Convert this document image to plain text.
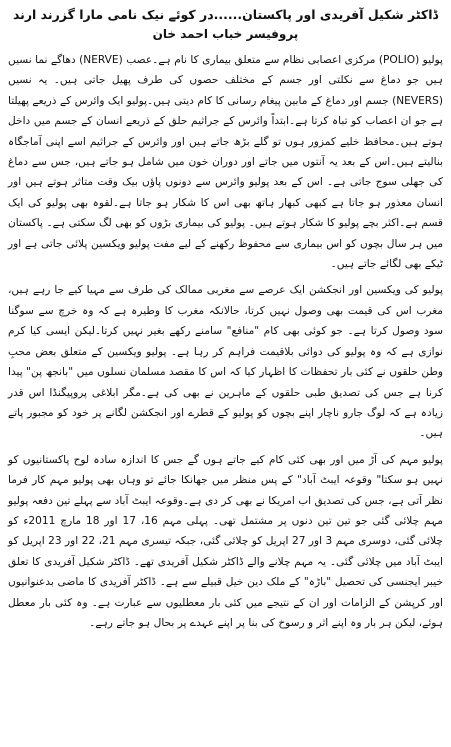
ڈاکٹر شکیل آفریدی اور پاکستان......در کوئے نیک نامی مارا گزرند ارند
پروفیسر خباب احمد خان

پولیو (POLIO) مرکزی اعصابی نظام سے متعلق بیماری کا نام ہے۔عصب (NERVE) دھاگے نما نسیں ہیں جو دماغ سے نکلتی اور جسم کے مختلف حصوں کی طرف پھیل جاتی ہیں۔ یہ نسیں (NEVERS) جسم اور دماغ کے مابین پیغام رسانی کا کام دیتی ہیں۔پولیو ایک وائرس کے ذریعے پھیلتا ہے جو ان اعصاب کو تباہ کرتا ہے۔ابتداً وائرس کے جراثیم حلق کے ذریعے انسان کے جسم میں داخل ہوتے ہیں۔محافظ خلیے کمزور ہوں تو گلے بڑھ جاتے ہیں اور وائرس کے جراثیم اسے اپنی آماجگاہ بنالیتے ہیں۔اس کے بعد یہ آنتوں میں جاتے اور دوران خون میں شامل ہو جاتے ہیں، جس سے دماغ کی جھلی سوج جاتی ہے۔ اس کے بعد پولیو وائرس سے دونوں پاؤں بیک وقت متاثر ہوتے ہیں اور انسان معذور ہو جاتا ہے کبھی کبھار ہاتھ بھی اس کا شکار ہو جاتا ہے۔لقوہ بھی پولیو کی ایک قسم ہے۔اکثر بچے پولیو کا شکار ہوتے ہیں۔ پولیو کی بیماری بڑوں کو بھی لگ سکتی ہے۔ پاکستان میں ہر سال بچوں کو اس بیماری سے محفوظ رکھنے کے لیے مفت پولیو ویکسین پلائی جاتی ہے اور ٹیکے بھی لگائے جاتے ہیں۔

پولیو کی ویکسین اور انجکشن ایک عرصے سے مغربی ممالک کی طرف سے مہیا کیے جا رہے ہیں، مغرب اس کی قیمت بھی وصول نہیں کرتا، حالانکہ مغرب کا وطیرہ ہے کہ وہ خرچ سے سوگنا سود وصول کرتا ہے۔ جو کوئی بھی کام "منافع" سامنے رکھے بغیر نہیں کرتا۔لیکن ایسی کیا کرم نوازی ہے کہ وہ پولیو کی دوائی بلاقیمت فراہم کر رہا ہے۔ پولیو ویکسین کے متعلق بعض محبِ وطن حلقوں نے کئی بار تحفظات کا اظہار کیا کہ اس کا مقصد مسلمان نسلوں میں "بانجھ پن" پیدا کرنا ہے جس کی تصدیق طبی حلقوں کے ماہرین نے بھی کی ہے۔مگر ابلاغی پروپیگنڈا اس قدر زیادہ ہے کہ لوگ جارو ناچار اپنے بچوں کو پولیو کے قطرے اور انجکشن لگانے پر خود کو مجبور پاتے ہیں۔

پولیو مہم کی آڑ میں اور بھی کئی کام کیے جاتے ہوں گے جس کا اندازہ سادہ لوح پاکستانیوں کو نہیں ہو سکتا" وقوعہ ایبٹ آباد" کے پس منظر میں جھانکا جائے تو وہاں بھی پولیو مہم کار فرما نظر آتی ہے، جس کی تصدیق اب امریکا نے بھی کر دی ہے۔وقوعہ ایبٹ آباد سے پہلے تین دفعہ پولیو مہم چلائی گئی جو تین تین دنوں پر مشتمل تھی۔ پہلی مہم 16، 17 اور 18 مارچ 2011ء کو چلائی گئی، دوسری مہم 3 اور 27 اپریل کو چلائی گئی، جبکہ تیسری مہم 21، 22 اور 23 اپریل کو ایبٹ آباد میں چلائی گئی۔ یہ مہم چلانے والے ڈاکٹر شکیل آفریدی تھے۔ ڈاکٹر شکیل آفریدی کا تعلق خیبر ایجنسی کی تحصیل "باڑہ" کے ملک دین خیل قبیلے سے ہے۔ ڈاکٹر آفریدی کا ماضی بدعنوانیوں اور کرپشن کے الزامات اور ان کے نتیجے میں کئی بار معطلیوں سے عبارت ہے۔ وہ کئی بار معطل ہوئے، لیکن ہر بار وہ اپنے اثر و رسوخ کی بنا پر اپنے عہدے پر بحال ہو جاتے رہے۔
